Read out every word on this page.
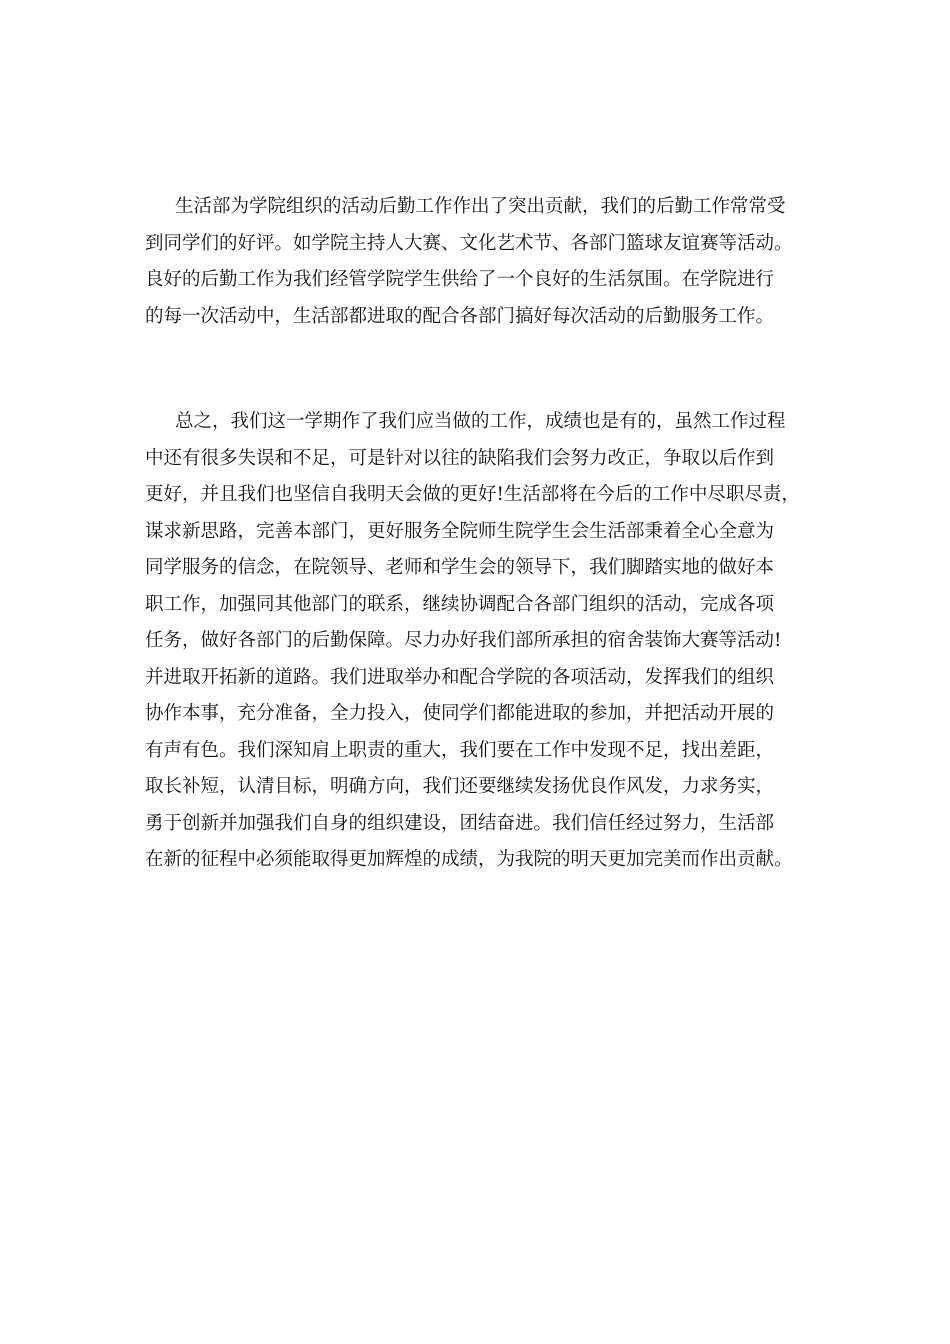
生活部为学院组织的活动后勤工作作出了突出贡献，我们的后勤工作常常受
到同学们的好评。如学院主持人大赛、文化艺术节、各部门篮球友谊赛等活动。
良好的后勤工作为我们经管学院学生供给了一个良好的生活氛围。在学院进行
的每一次活动中，生活部都进取的配合各部门搞好每次活动的后勤服务工作。
总之，我们这一学期作了我们应当做的工作，成绩也是有的，虽然工作过程
中还有很多失误和不足，可是针对以往的缺陷我们会努力改正，争取以后作到
更好，并且我们也坚信自我明天会做的更好!生活部将在今后的工作中尽职尽责，
谋求新思路，完善本部门，更好服务全院师生院学生会生活部秉着全心全意为
同学服务的信念，在院领导、老师和学生会的领导下，我们脚踏实地的做好本
职工作，加强同其他部门的联系，继续协调配合各部门组织的活动，完成各项
任务，做好各部门的后勤保障。尽力办好我们部所承担的宿舍装饰大赛等活动!
并进取开拓新的道路。我们进取举办和配合学院的各项活动，发挥我们的组织
协作本事，充分准备，全力投入，使同学们都能进取的参加，并把活动开展的
有声有色。我们深知肩上职责的重大，我们要在工作中发现不足，找出差距，
取长补短，认清目标，明确方向，我们还要继续发扬优良作风发，力求务实，
勇于创新并加强我们自身的组织建设，团结奋进。我们信任经过努力，生活部
在新的征程中必须能取得更加辉煌的成绩，为我院的明天更加完美而作出贡献。
